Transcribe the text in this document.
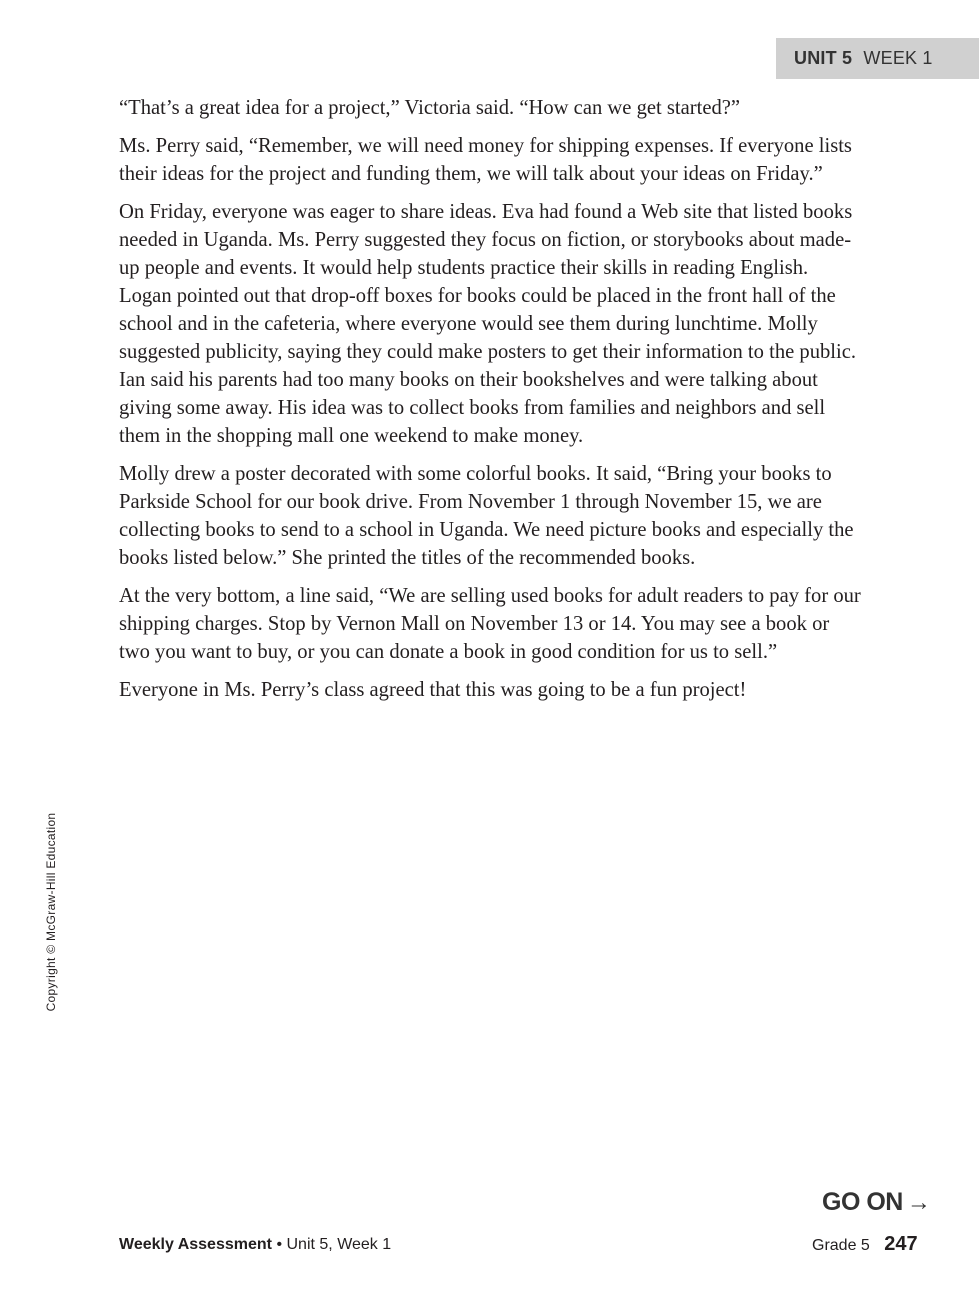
UNIT 5 WEEK 1

“That’s a great idea for a project,” Victoria said. “How can we get started?”

Ms. Perry said, “Remember, we will need money for shipping expenses. If everyone lists their ideas for the project and funding them, we will talk about your ideas on Friday.”

On Friday, everyone was eager to share ideas. Eva had found a Web site that listed books needed in Uganda. Ms. Perry suggested they focus on fiction, or storybooks about made-up people and events. It would help students practice their skills in reading English. Logan pointed out that drop-off boxes for books could be placed in the front hall of the school and in the cafeteria, where everyone would see them during lunchtime. Molly suggested publicity, saying they could make posters to get their information to the public. Ian said his parents had too many books on their bookshelves and were talking about giving some away. His idea was to collect books from families and neighbors and sell them in the shopping mall one weekend to make money.

Molly drew a poster decorated with some colorful books. It said, “Bring your books to Parkside School for our book drive. From November 1 through November 15, we are collecting books to send to a school in Uganda. We need picture books and especially the books listed below.” She printed the titles of the recommended books.

At the very bottom, a line said, “We are selling used books for adult readers to pay for our shipping charges. Stop by Vernon Mall on November 13 or 14. You may see a book or two you want to buy, or you can donate a book in good condition for us to sell.”

Everyone in Ms. Perry’s class agreed that this was going to be a fun project!

Copyright © McGraw-Hill Education
GO ON →
Weekly Assessment • Unit 5, Week 1	Grade 5 247
